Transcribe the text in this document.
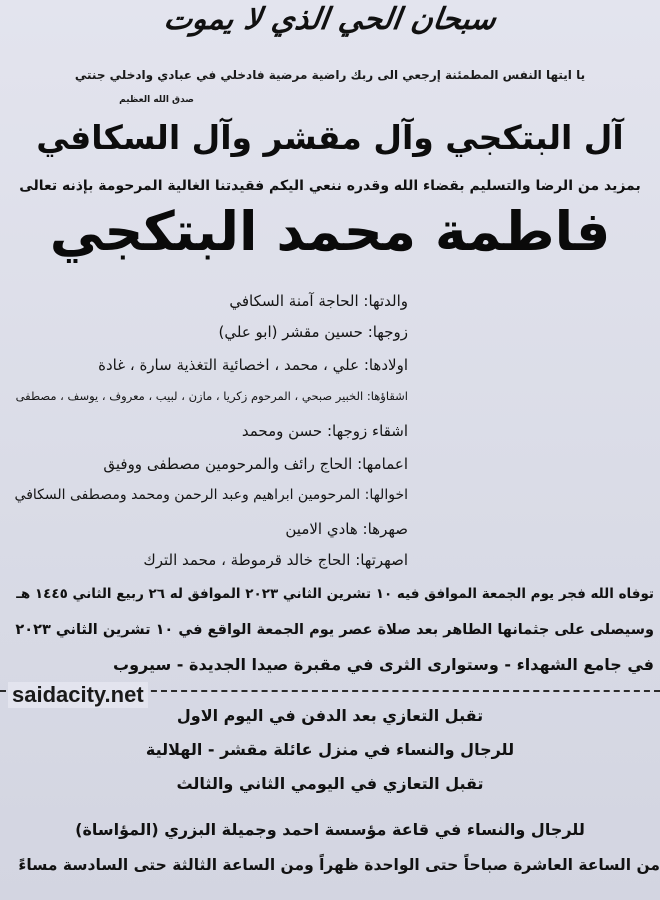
سبحان الحي الذي لا يموت
يا ايتها النفس المطمئنة إرجعي الى ربك راضية مرضية فادخلي في عبادي وادخلي جنتي
صدق الله العظيم
آل البتكجي وآل مقشر وآل السكافي
بمزيد من الرضا والتسليم بقضاء الله وقدره ننعي اليكم فقيدتنا الغالية المرحومة بإذنه تعالى
فاطمة محمد البتكجي
والدتها: الحاجة آمنة السكافي
زوجها: حسين مقشر (ابو علي)
اولادها: علي ، محمد ، اخصائية التغذية سارة ، غادة
اشقاؤها: الخبير صبحي ، المرحوم زكريا ، مازن ، لبيب ، معروف ، يوسف ، مصطفى
اشقاء زوجها: حسن ومحمد
اعمامها: الحاج رائف والمرحومين مصطفى ووفيق
اخوالها: المرحومين ابراهيم وعبد الرحمن ومحمد ومصطفى السكافي
صهرها: هادي الامين
اصهرتها: الحاج خالد قرموطة ، محمد الترك
توفاه الله فجر يوم الجمعة الموافق فيه ١٠ تشرين الثاني ٢٠٢٣ الموافق له ٢٦ ربيع الثاني ١٤٤٥ هـ
وسيصلى على جثمانها الطاهر بعد صلاة عصر يوم الجمعة الواقع في ١٠ تشرين الثاني ٢٠٢٣
في جامع الشهداء - وستوارى الثرى في مقبرة صيدا الجديدة - سيروب
saidacity.net
تقبل التعازي بعد الدفن في اليوم الاول
للرجال والنساء في منزل عائلة مقشر - الهلالية
تقبل التعازي في اليومي الثاني والثالث
للرجال والنساء في قاعة مؤسسة احمد وجميلة البزري (المؤاساة)
من الساعة العاشرة صباحاً حتى الواحدة ظهراً ومن الساعة الثالثة حتى السادسة مساءً
